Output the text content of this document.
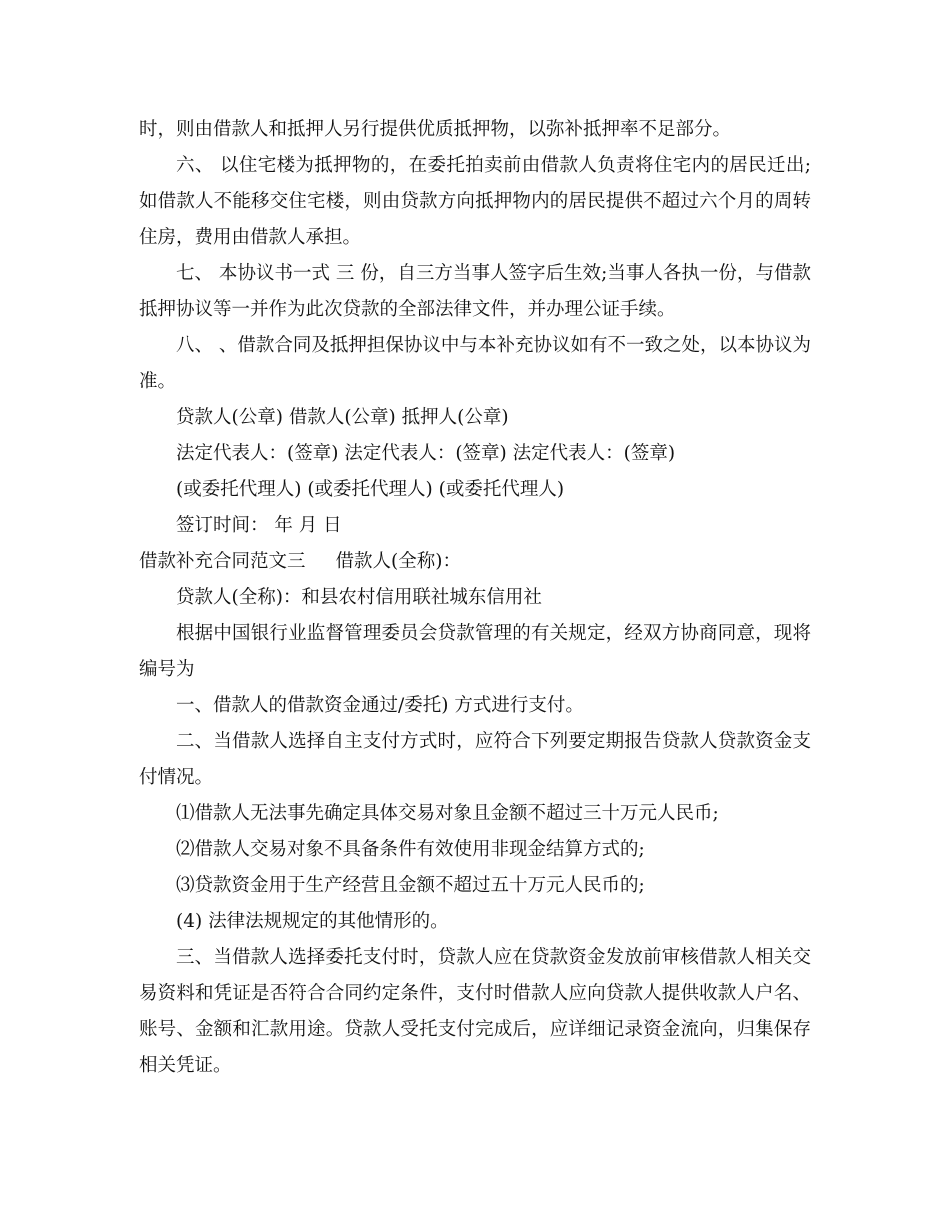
时，则由借款人和抵押人另行提供优质抵押物，以弥补抵押率不足部分。

六、 以住宅楼为抵押物的，在委托拍卖前由借款人负责将住宅内的居民迁出;如借款人不能移交住宅楼，则由贷款方向抵押物内的居民提供不超过六个月的周转住房，费用由借款人承担。

七、 本协议书一式 三 份，自三方当事人签字后生效;当事人各执一份，与借款抵押协议等一并作为此次贷款的全部法律文件，并办理公证手续。

八、 、借款合同及抵押担保协议中与本补充协议如有不一致之处，以本协议为准。

贷款人(公章) 借款人(公章) 抵押人(公章)

法定代表人：(签章) 法定代表人：(签章) 法定代表人：(签章)

(或委托代理人) (或委托代理人) (或委托代理人)

签订时间： 年 月 日

借款补充合同范文三 借款人(全称)：

贷款人(全称)：和县农村信用联社城东信用社

根据中国银行业监督管理委员会贷款管理的有关规定，经双方协商同意，现将编号为

一、借款人的借款资金通过/委托) 方式进行支付。

二、当借款人选择自主支付方式时，应符合下列要定期报告贷款人贷款资金支付情况。

⑴借款人无法事先确定具体交易对象且金额不超过三十万元人民币;

⑵借款人交易对象不具备条件有效使用非现金结算方式的;

⑶贷款资金用于生产经营且金额不超过五十万元人民币的;

(4) 法律法规规定的其他情形的。

三、当借款人选择委托支付时，贷款人应在贷款资金发放前审核借款人相关交易资料和凭证是否符合合同约定条件，支付时借款人应向贷款人提供收款人户名、账号、金额和汇款用途。贷款人受托支付完成后，应详细记录资金流向，归集保存相关凭证。
